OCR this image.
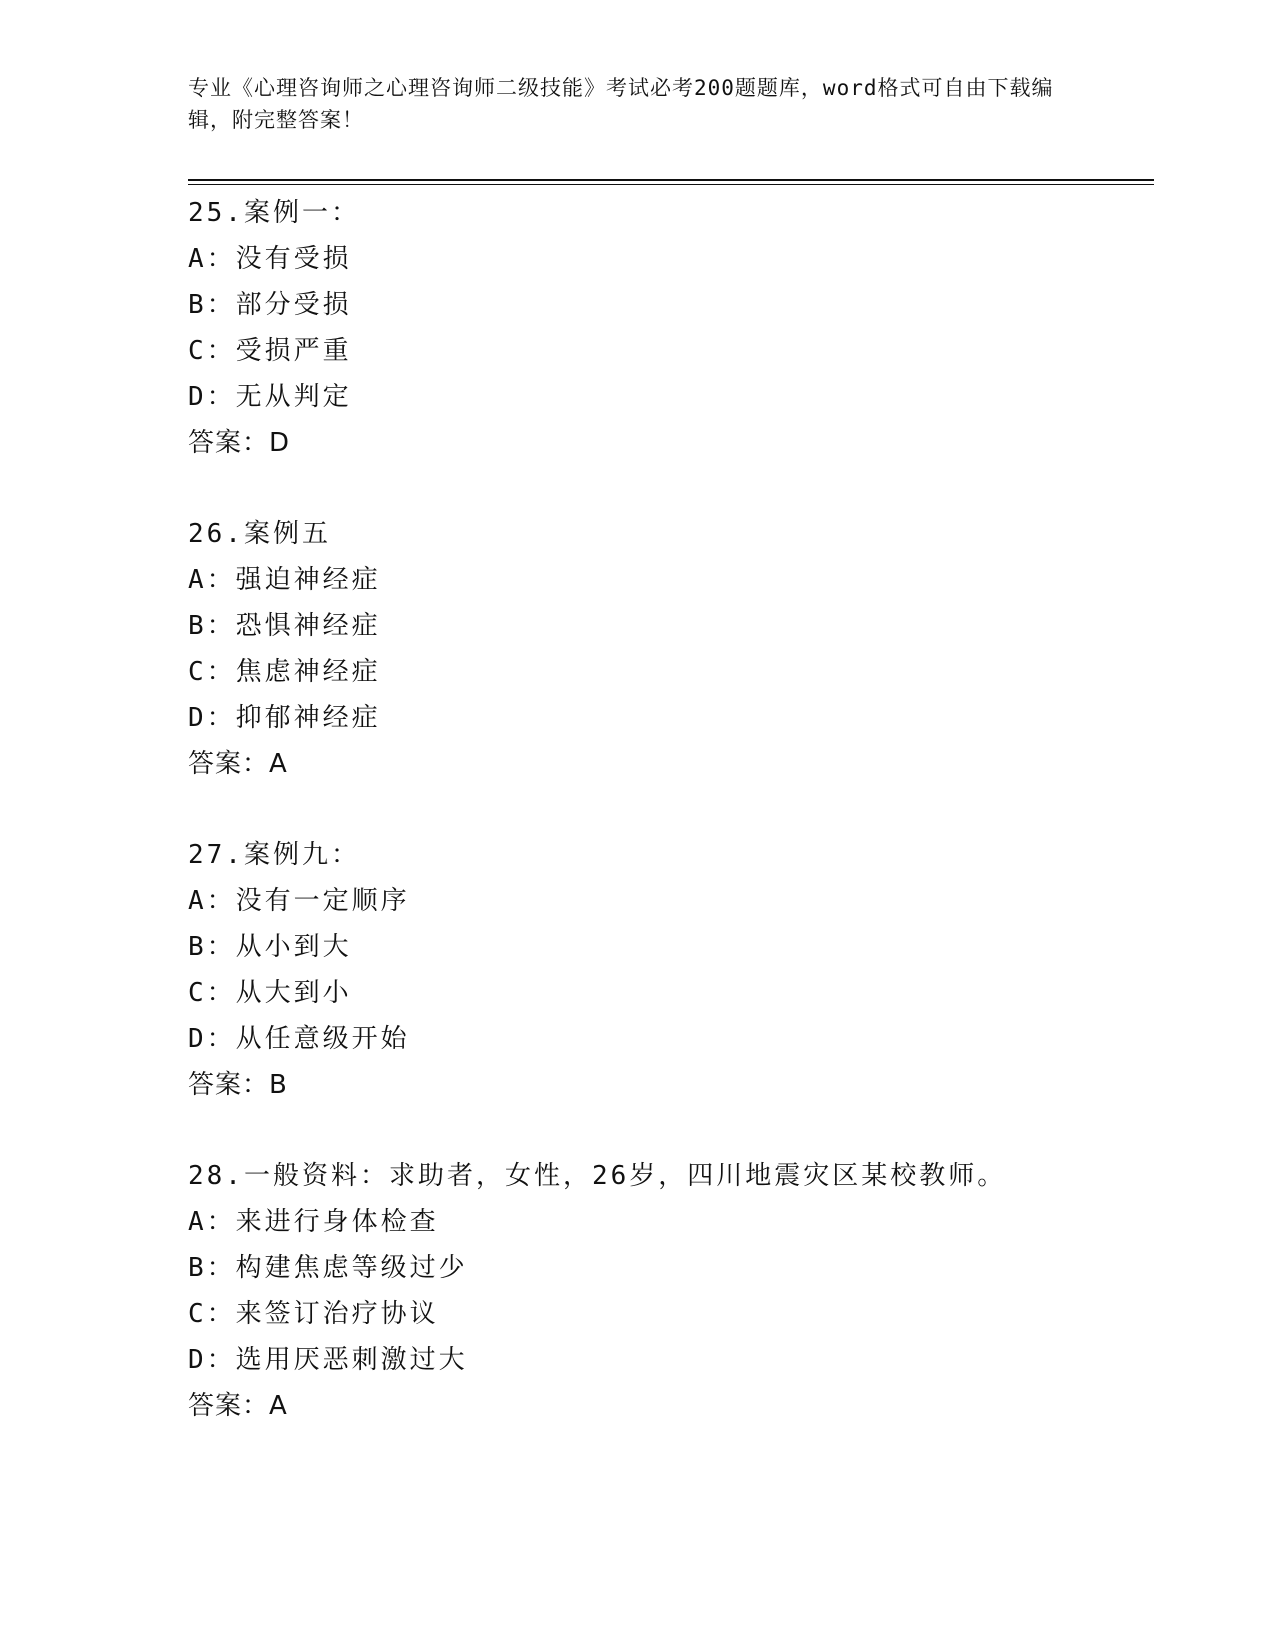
专业《心理咨询师之心理咨询师二级技能》考试必考200题题库，word格式可自由下载编辑，附完整答案！
25.案例一：
A：没有受损
B：部分受损
C：受损严重
D：无从判定
答案：D
26.案例五
A：强迫神经症
B：恐惧神经症
C：焦虑神经症
D：抑郁神经症
答案：A
27.案例九：
A：没有一定顺序
B：从小到大
C：从大到小
D：从任意级开始
答案：B
28.一般资料：求助者，女性，26岁，四川地震灾区某校教师。
A：来进行身体检查
B：构建焦虑等级过少
C：来签订治疗协议
D：选用厌恶刺激过大
答案：A
